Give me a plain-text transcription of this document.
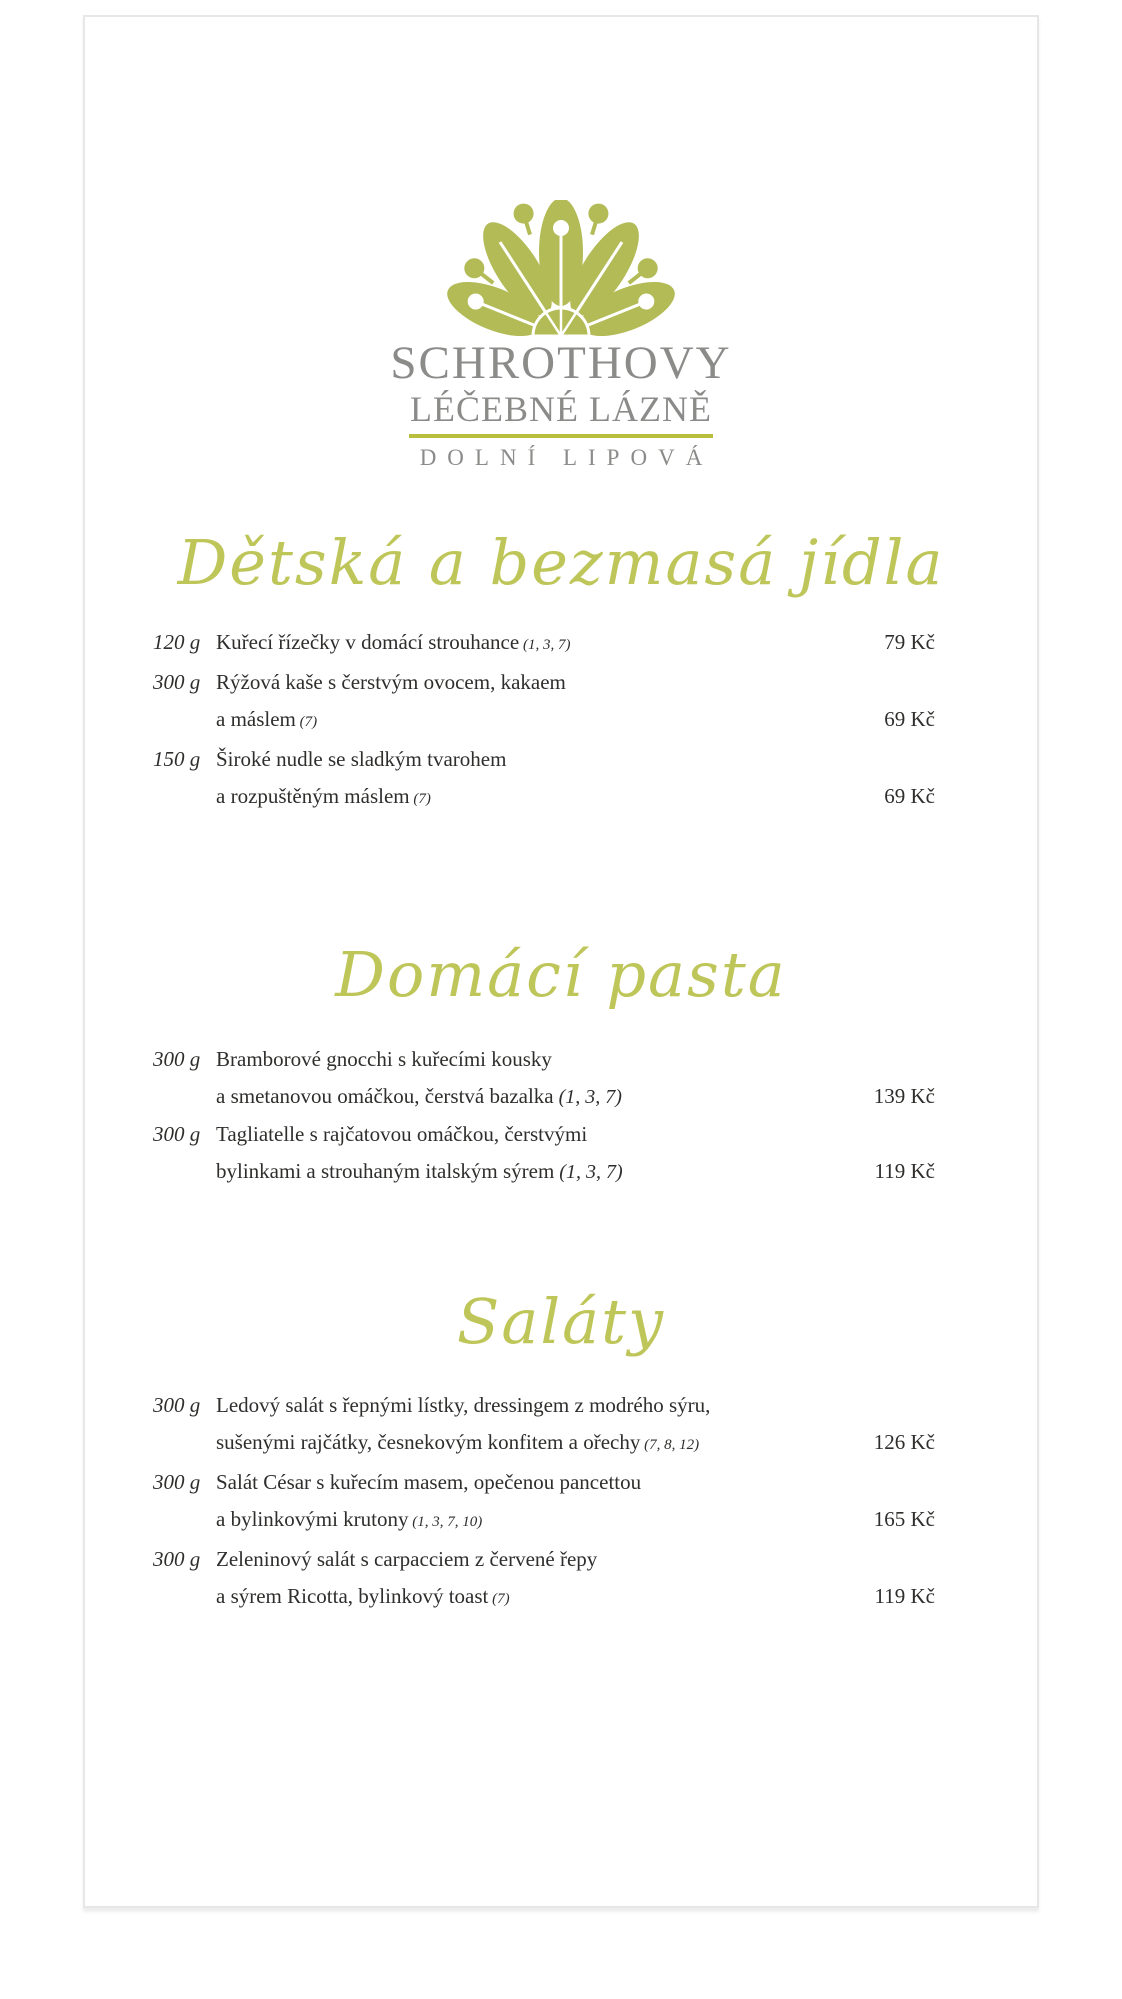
SCHROTHOVY
LÉČEBNÉ LÁZNĚ
DOLNÍ LIPOVÁ
Dětská a bezmasá jídla
120 g Kuřecí řízečky v domácí strouhance (1, 3, 7)	79 Kč
300 g Rýžová kaše s čerstvým ovocem, kakaem
a máslem (7)	69 Kč
150 g Široké nudle se sladkým tvarohem
a rozpuštěným máslem (7)	69 Kč
Domácí pasta
300 g Bramborové gnocchi s kuřecími kousky
a smetanovou omáčkou, čerstvá bazalka (1, 3, 7)	139 Kč
300 g Tagliatelle s rajčatovou omáčkou, čerstvými
bylinkami a strouhaným italským sýrem (1, 3, 7)	119 Kč
Saláty
300 g Ledový salát s řepnými lístky, dressingem z modrého sýru,
sušenými rajčátky, česnekovým konfitem a ořechy (7, 8, 12)	126 Kč
300 g Salát César s kuřecím masem, opečenou pancettou
a bylinkovými krutony (1, 3, 7, 10)	165 Kč
300 g Zeleninový salát s carpacciem z červené řepy
a sýrem Ricotta, bylinkový toast (7)	119 Kč
